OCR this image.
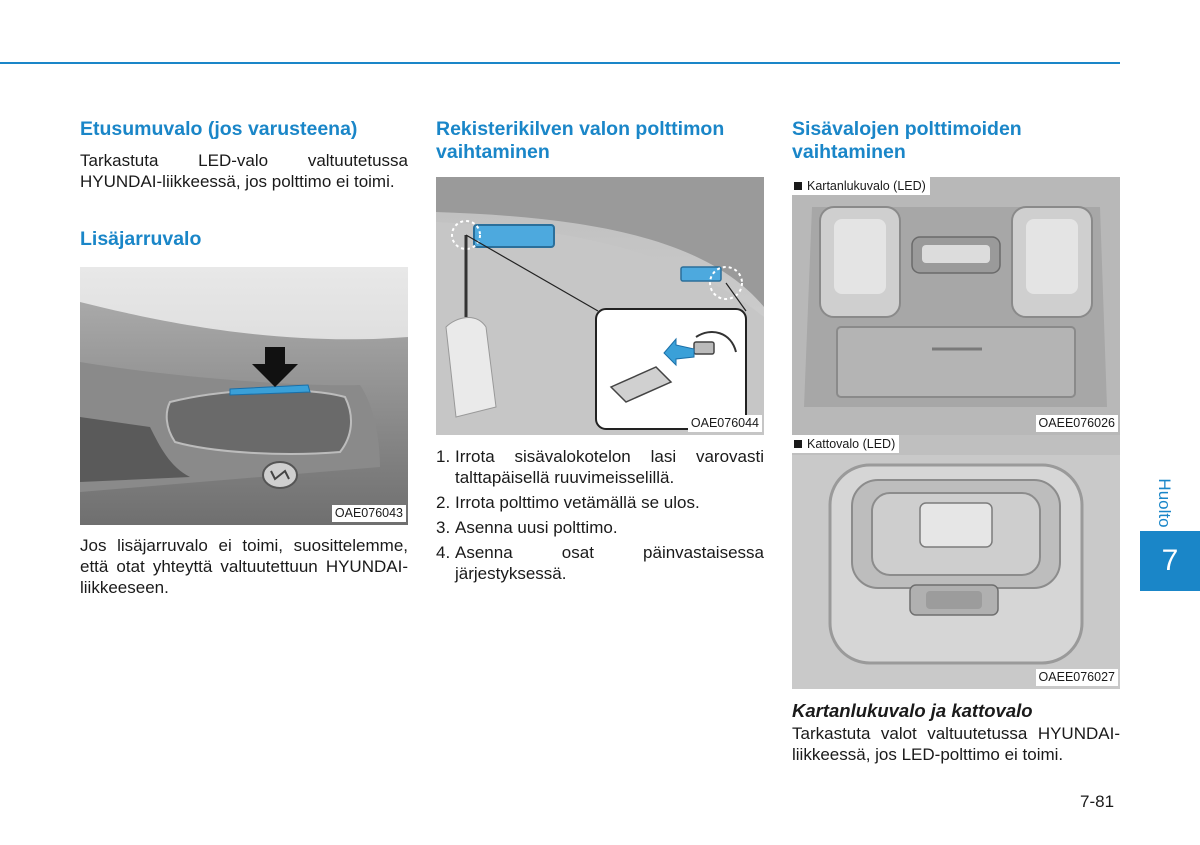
Etusumuvalo (jos varusteena)

Tarkastuta LED-valo valtuutetussa HYUNDAI-liikkeessä, jos polttimo ei toimi.

Lisäjarruvalo
OAE076043

Jos lisäjarruvalo ei toimi, suosittelemme, että otat yhteyttä valtuutettuun HYUNDAI-liikkeeseen.

Rekisterikilven valon polttimon vaihtaminen
OAE076044
1. Irrota sisävalokotelon lasi varovasti talttapäisellä ruuvimeisselillä.
2. Irrota polttimo vetämällä se ulos.
3. Asenna uusi polttimo.
4. Asenna osat päinvastaisessa järjestyksessä.
Sisävalojen polttimoiden vaihtaminen
Kartanlukuvalo (LED)
OAEE076026
Kattovalo (LED)
OAEE076027
Kartanlukuvalo ja kattovalo

Tarkastuta valot valtuutetussa HYUNDAI-liikkeessä, jos LED-polttimo ei toimi.

Huolto
7
7-81
